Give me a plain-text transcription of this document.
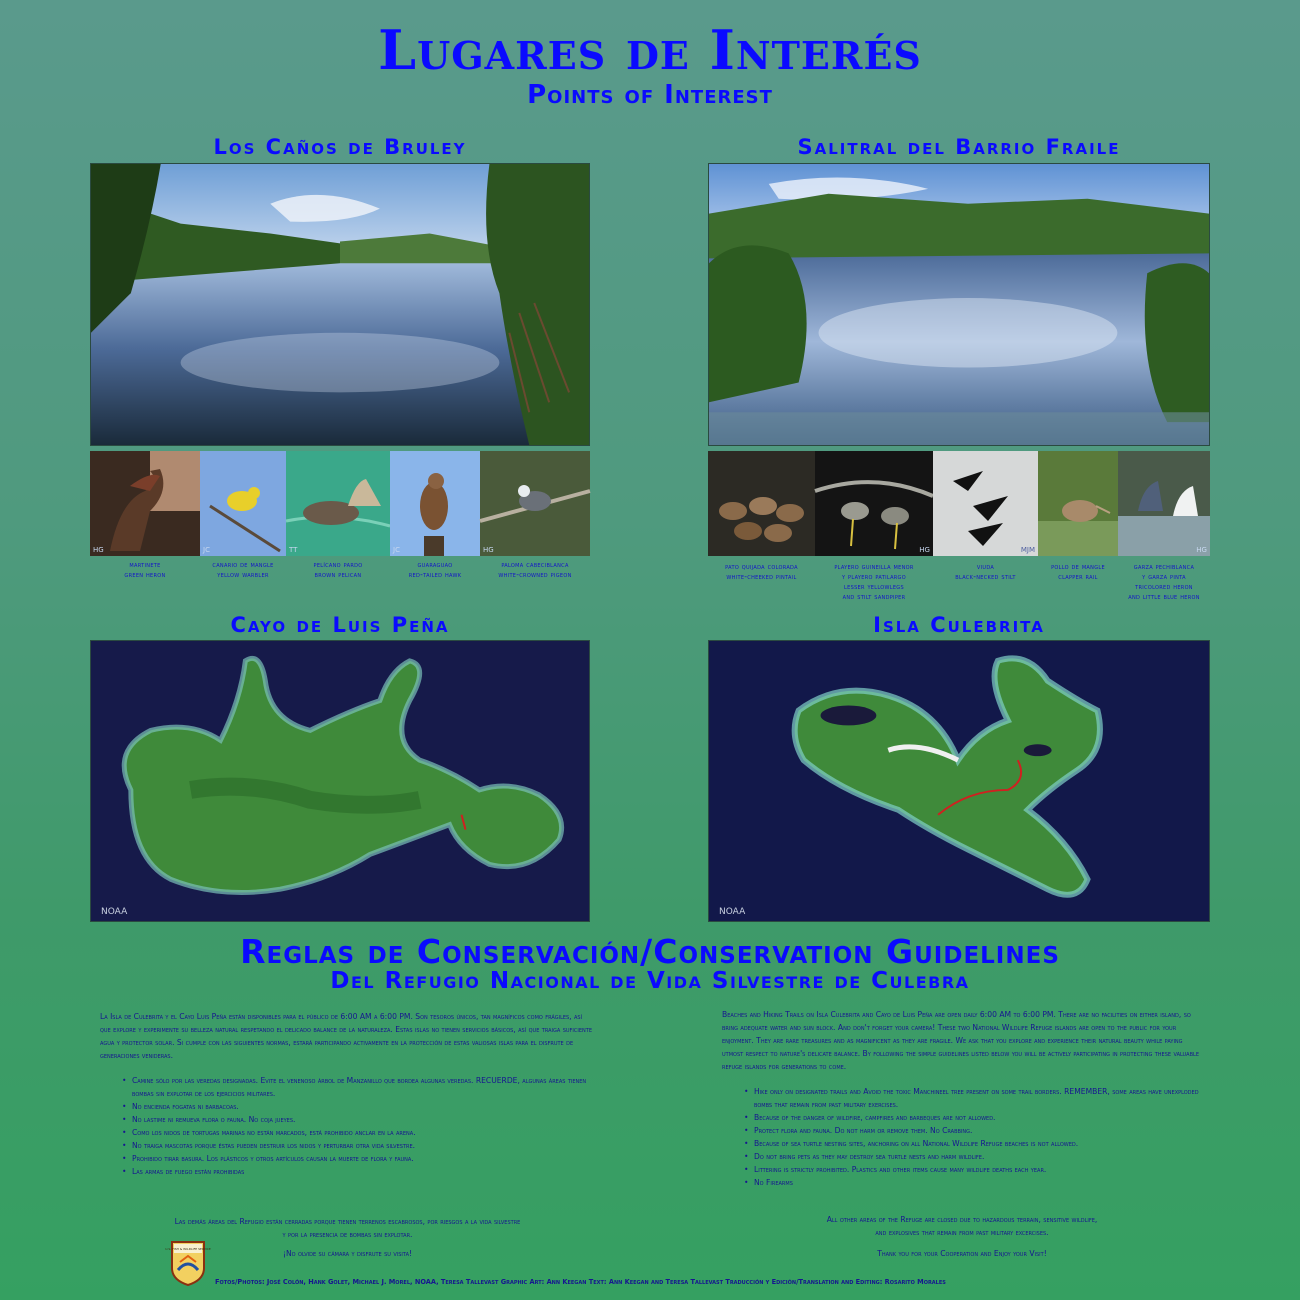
Lugares de Interés
Points of Interest
Los Caños de Bruley	Salitral del Barrio Fraile
HG	JC	TT	JC	HG
martinete
green heron
canario de mangle
yellow warbler
pelícano pardo
brown pelican
guaraguao
red-tailed hawk
paloma cabeciblanca
white-crowned pigeon
HG	MJM	HG
pato quijada colorada
white-cheeked pintail
playero guineilla menor
y playero patilargo
lesser yellowlegs
and stilt sandpiper
viuda
black-necked stilt
pollo de mangle
clapper rail
garza pechiblanca
y garza pinta
tricolored heron
and little blue heron
Cayo de Luis Peña	Isla Culebrita
NOAA	NOAA
Reglas de Conservación/Conservation Guidelines
Del Refugio Nacional de Vida Silvestre de Culebra

La Isla de Culebrita y el Cayo Luis Peña están disponibles para el público de 6:00 AM a 6:00 PM. Son tesoros únicos, tan magníficos como frágiles, así que explore y experimente su belleza natural respetando el delicado balance de la naturaleza. Estas islas no tienen servicios básicos, así que traiga suficiente agua y protector solar. Si cumple con las siguientes normas, estará participando activamente en la protección de estas valiosas islas para el disfrute de generaciones venideras.

• Camine sólo por las veredas designadas. Evite el venenoso árbol de Manzanillo que bordea algunas veredas. RECUERDE, algunas áreas tienen bombas sin explotar de los ejercicios militares.
• No encienda fogatas ni barbacoas.
• No lastime ni remueva flora o fauna. No coja jueyes.
• Como los nidos de tortugas marinas no están marcados, está prohibido anclar en la arena.
• No traiga mascotas porque éstas pueden destruir los nidos y perturbar otra vida silvestre.
• Prohibido tirar basura. Los plásticos y otros artículos causan la muerte de flora y fauna.
• Las armas de fuego están prohibidas
Las demás áreas del Refugio están cerradas porque tienen terrenos escabrosos, por riesgos a la vida silvestre
y por la presencia de bombas sin explotar.
¡No olvide su cámara y disfrute su visita!

Beaches and Hiking Trails on Isla Culebrita and Cayo de Luis Peña are open daily 6:00 AM to 6:00 PM. There are no facilities on either island, so bring adequate water and sun block. And don't forget your camera! These two National Wildlife Refuge islands are open to the public for your enjoyment. They are rare treasures and as magnificent as they are fragile. We ask that you explore and experience their natural beauty while paying utmost respect to nature's delicate balance. By following the simple guidelines listed below you will be actively participating in protecting these valuable refuge islands for generations to come.

• Hike only on designated trails and Avoid the toxic Manchineel tree present on some trail borders. REMEMBER, some areas have unexploded bombs that remain from past military exercises.
• Because of the danger of wildfire, campfires and barbeques are not allowed.
• Protect flora and fauna. Do not harm or remove them. No Crabbing.
• Because of sea turtle nesting sites, anchoring on all National Wildlife Refuge beaches is not allowed.
• Do not bring pets as they may destroy sea turtle nests and harm wildlife.
• Littering is strictly prohibited. Plastics and other items cause many wildlife deaths each year.
• No Firearms
All other areas of the Refuge are closed due to hazardous terrain, sensitive wildlife,
and explosives that remain from past military excercises.
Thank you for your Cooperation and Enjoy your Visit!
U.S. FISH & WILDLIFE SERVICE
Fotos/Photos: José Colón, Hank Golet, Michael J. Morel, NOAA, Teresa Tallevast Graphic Art: Ann Keegan Text: Ann Keegan and Teresa Tallevast Traducción y Edición/Translation and Editing: Rosarito Morales
